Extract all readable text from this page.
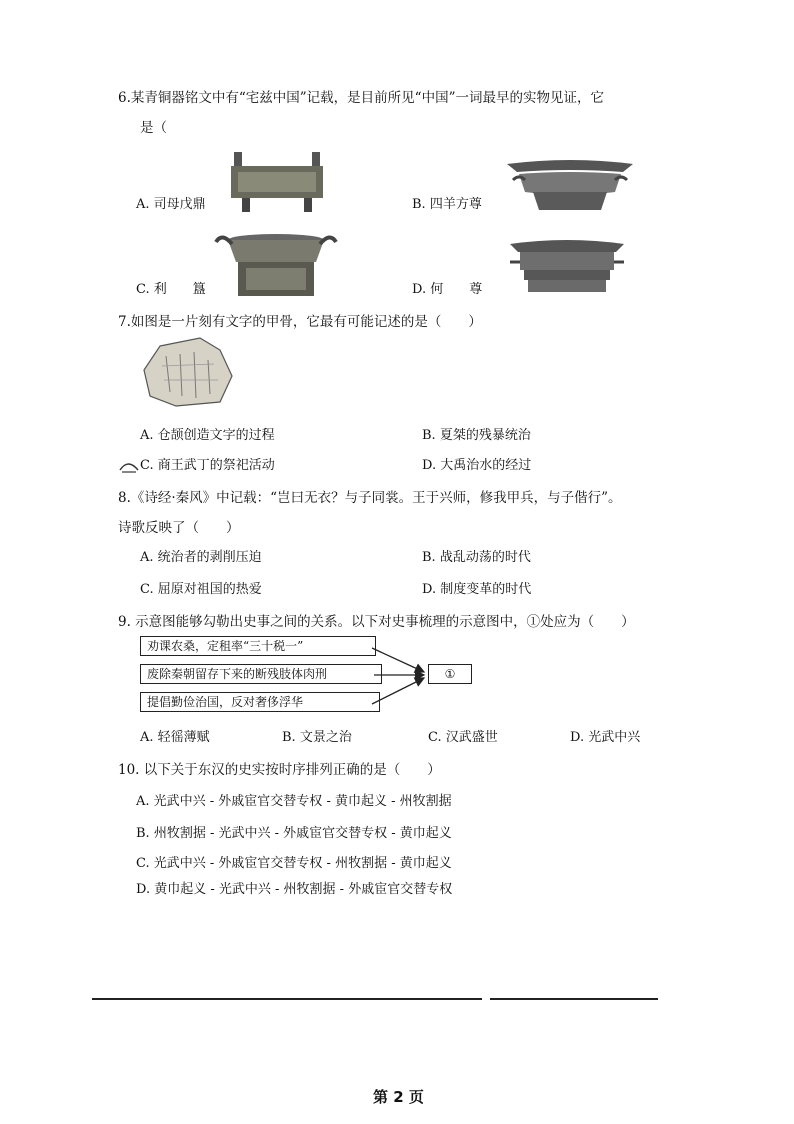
6.某青铜器铭文中有“宅兹中国”记载，是目前所见“中国”一词最早的实物见证，它
是（
A. 司母戊鼎	B. 四羊方尊
C. 利　　簋	D. 何　　尊
7.如图是一片刻有文字的甲骨，它最有可能记述的是（　　）
A. 仓颉创造文字的过程	B. 夏桀的残暴统治
C. 商王武丁的祭祀活动	D. 大禹治水的经过
8.《诗经·秦风》中记载：“岂曰无衣？与子同裳。王于兴师，修我甲兵，与子偕行”。
诗歌反映了（　　）
A. 统治者的剥削压迫	B. 战乱动荡的时代
C. 屈原对祖国的热爱	D. 制度变革的时代
9. 示意图能够勾勒出史事之间的关系。以下对史事梳理的示意图中，①处应为（　　）
劝课农桑，定租率“三十税一”
废除秦朝留存下来的断残肢体肉刑
提倡勤俭治国，反对奢侈浮华
①
A. 轻徭薄赋	B. 文景之治	C. 汉武盛世	D. 光武中兴
10. 以下关于东汉的史实按时序排列正确的是（　　）
A. 光武中兴 - 外戚宦官交替专权 - 黄巾起义 - 州牧割据
B. 州牧割据 - 光武中兴 - 外戚宦官交替专权 - 黄巾起义
C. 光武中兴 - 外戚宦官交替专权 - 州牧割据 - 黄巾起义
D. 黄巾起义 - 光武中兴 - 州牧割据 - 外戚宦官交替专权
第 2 页
